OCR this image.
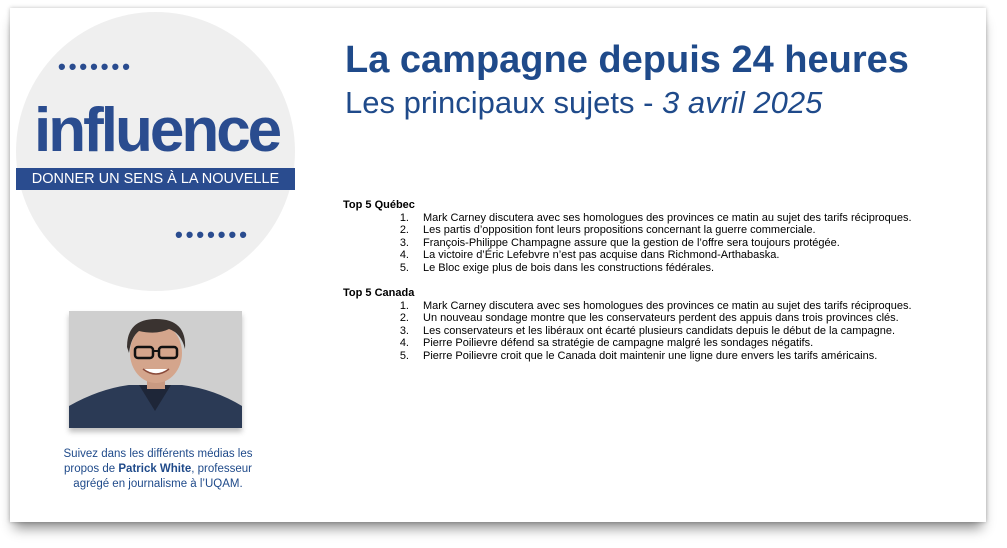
•••••••
influence
DONNER UN SENS À LA NOUVELLE
•••••••
Suivez dans les différents médias les propos de Patrick White, professeur agrégé en journalisme à l’UQAM.
La campagne depuis 24 heures
Les principaux sujets - 3 avril 2025
Top 5 Québec
1. Mark Carney discutera avec ses homologues des provinces ce matin au sujet des tarifs réciproques.
2. Les partis d’opposition font leurs propositions concernant la guerre commerciale.
3. François-Philippe Champagne assure que la gestion de l’offre sera toujours protégée.
4. La victoire d’Éric Lefebvre n’est pas acquise dans Richmond-Arthabaska.
5. Le Bloc exige plus de bois dans les constructions fédérales.
Top 5 Canada
1. Mark Carney discutera avec ses homologues des provinces ce matin au sujet des tarifs réciproques.
2. Un nouveau sondage montre que les conservateurs perdent des appuis dans trois provinces clés.
3. Les conservateurs et les libéraux ont écarté plusieurs candidats depuis le début de la campagne.
4. Pierre Poilievre défend sa stratégie de campagne malgré les sondages négatifs.
5. Pierre Poilievre croit que le Canada doit maintenir une ligne dure envers les tarifs américains.
